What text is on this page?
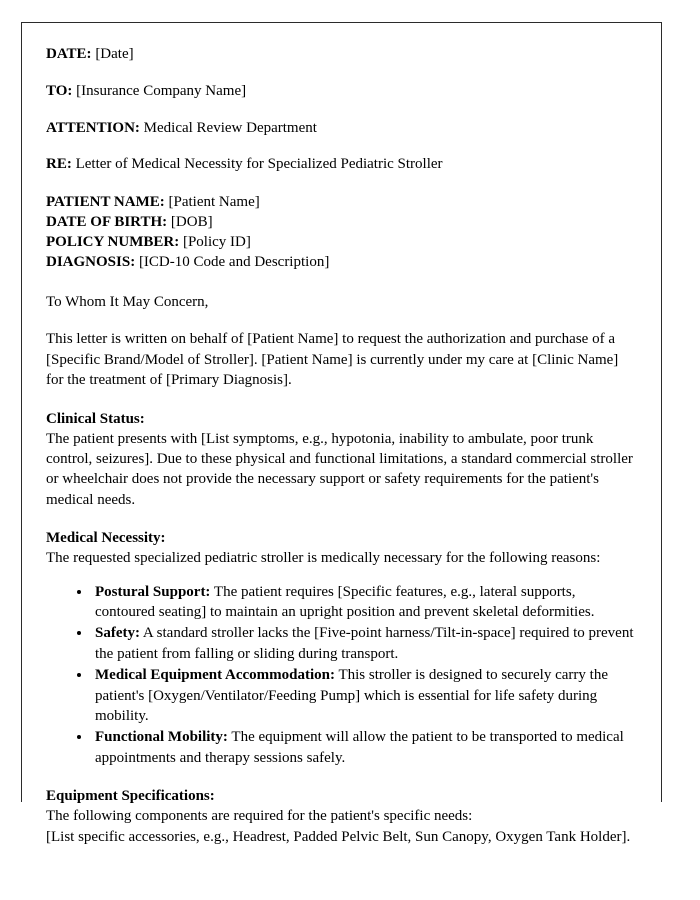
DATE: [Date]

TO: [Insurance Company Name]

ATTENTION: Medical Review Department

RE: Letter of Medical Necessity for Specialized Pediatric Stroller

PATIENT NAME: [Patient Name]

DATE OF BIRTH: [DOB]

POLICY NUMBER: [Policy ID]

DIAGNOSIS: [ICD-10 Code and Description]

To Whom It May Concern,

This letter is written on behalf of [Patient Name] to request the authorization and purchase of a [Specific Brand/Model of Stroller]. [Patient Name] is currently under my care at [Clinic Name] for the treatment of [Primary Diagnosis].

Clinical Status:

The patient presents with [List symptoms, e.g., hypotonia, inability to ambulate, poor trunk control, seizures]. Due to these physical and functional limitations, a standard commercial stroller or wheelchair does not provide the necessary support or safety requirements for the patient's medical needs.

Medical Necessity:

The requested specialized pediatric stroller is medically necessary for the following reasons:

• Postural Support: The patient requires [Specific features, e.g., lateral supports, contoured seating] to maintain an upright position and prevent skeletal deformities.
• Safety: A standard stroller lacks the [Five-point harness/Tilt-in-space] required to prevent the patient from falling or sliding during transport.
• Medical Equipment Accommodation: This stroller is designed to securely carry the patient's [Oxygen/Ventilator/Feeding Pump] which is essential for life safety during mobility.
• Functional Mobility: The equipment will allow the patient to be transported to medical appointments and therapy sessions safely.

Equipment Specifications:

The following components are required for the patient's specific needs:

[List specific accessories, e.g., Headrest, Padded Pelvic Belt, Sun Canopy, Oxygen Tank Holder].
